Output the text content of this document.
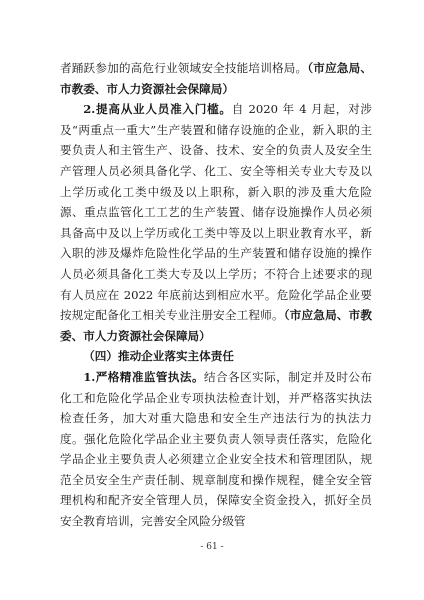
者踊跃参加的高危行业领域安全技能培训格局。（市应急局、市教委、市人力资源社会保障局）

2.提高从业人员准入门槛。自 2020 年 4 月起，对涉及“两重点一重大”生产装置和储存设施的企业，新入职的主要负责人和主管生产、设备、技术、安全的负责人及安全生产管理人员必须具备化学、化工、安全等相关专业大专及以上学历或化工类中级及以上职称，新入职的涉及重大危险源、重点监管化工工艺的生产装置、储存设施操作人员必须具备高中及以上学历或化工类中等及以上职业教育水平，新入职的涉及爆炸危险性化学品的生产装置和储存设施的操作人员必须具备化工类大专及以上学历；不符合上述要求的现有人员应在 2022 年底前达到相应水平。危险化学品企业要按规定配备化工相关专业注册安全工程师。（市应急局、市教委、市人力资源社会保障局）

（四）推动企业落实主体责任

1.严格精准监管执法。结合各区实际，制定并及时公布化工和危险化学品企业专项执法检查计划，并严格落实执法检查任务，加大对重大隐患和安全生产违法行为的执法力度。强化危险化学品企业主要负责人领导责任落实，危险化学品企业主要负责人必须建立企业安全技术和管理团队，规范全员安全生产责任制、规章制度和操作规程，健全安全管理机构和配齐安全管理人员，保障安全资金投入，抓好全员安全教育培训，完善安全风险分级管

- 61 -
